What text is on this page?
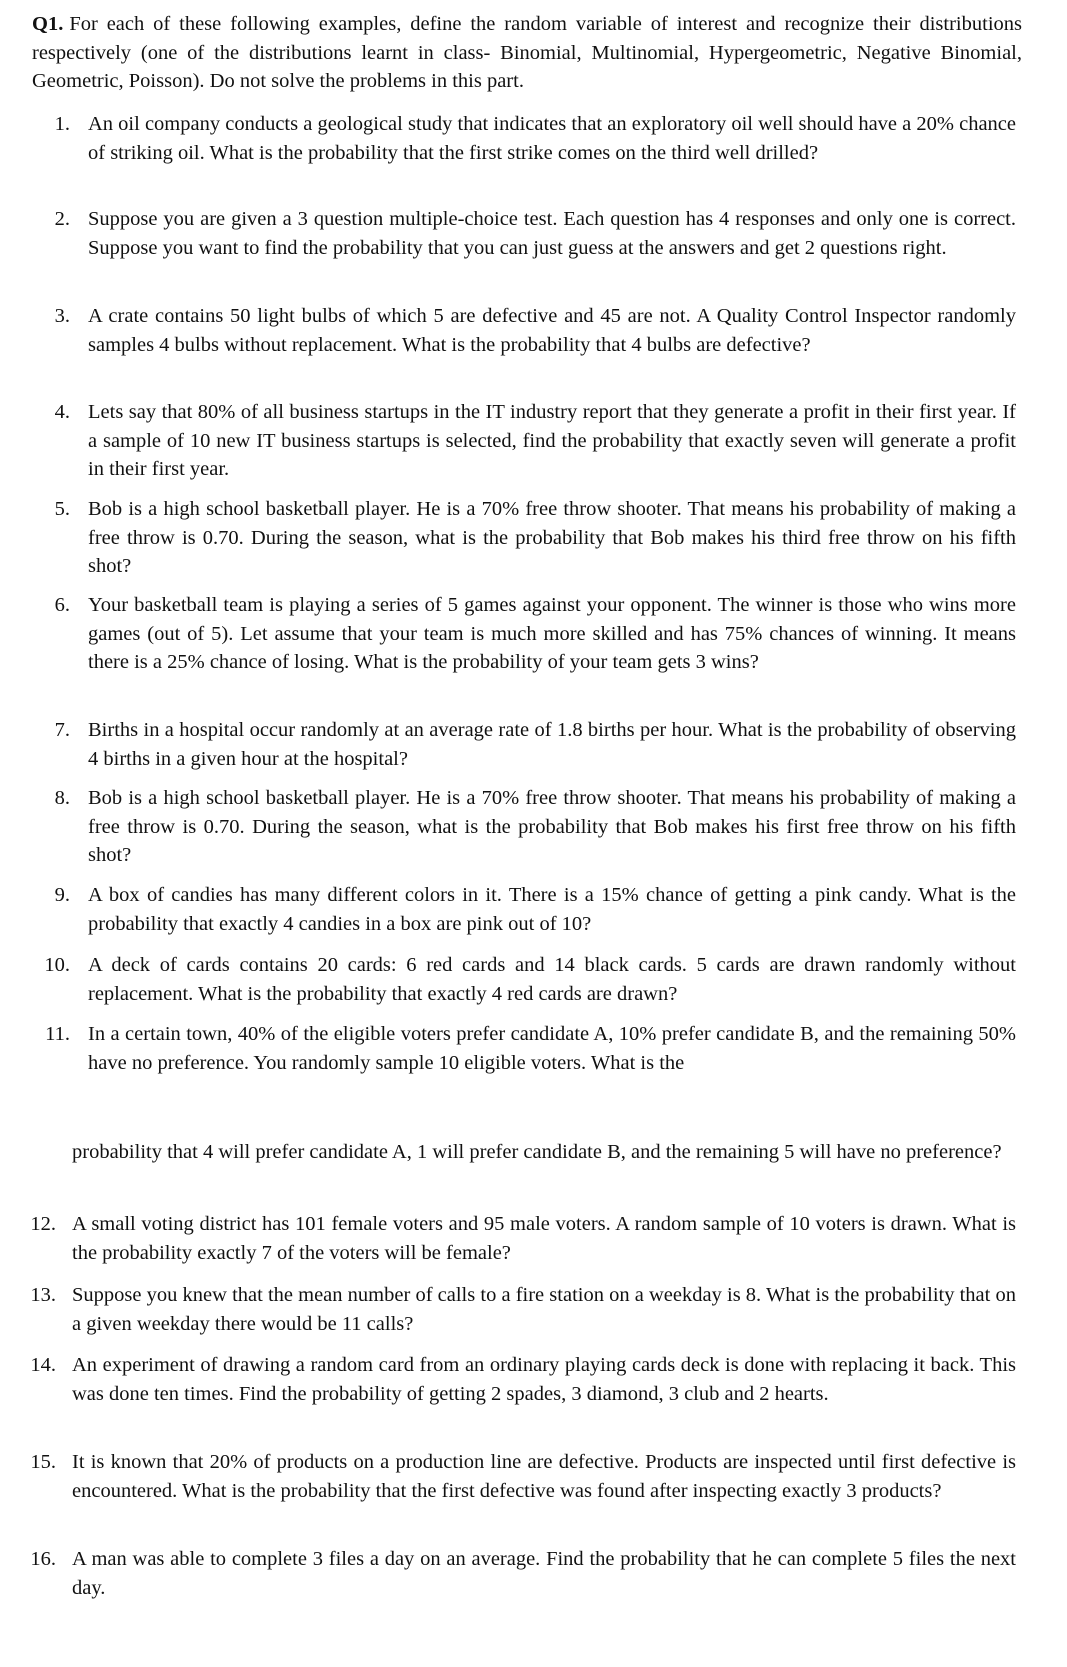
Q1. For each of these following examples, define the random variable of interest and recognize their distributions respectively (one of the distributions learnt in class- Binomial, Multinomial, Hypergeometric, Negative Binomial, Geometric, Poisson). Do not solve the problems in this part.
1. An oil company conducts a geological study that indicates that an exploratory oil well should have a 20% chance of striking oil. What is the probability that the first strike comes on the third well drilled?
2. Suppose you are given a 3 question multiple-choice test. Each question has 4 responses and only one is correct. Suppose you want to find the probability that you can just guess at the answers and get 2 questions right.
3. A crate contains 50 light bulbs of which 5 are defective and 45 are not. A Quality Control Inspector randomly samples 4 bulbs without replacement. What is the probability that 4 bulbs are defective?
4. Lets say that 80% of all business startups in the IT industry report that they generate a profit in their first year. If a sample of 10 new IT business startups is selected, find the probability that exactly seven will generate a profit in their first year.
5. Bob is a high school basketball player. He is a 70% free throw shooter. That means his probability of making a free throw is 0.70. During the season, what is the probability that Bob makes his third free throw on his fifth shot?
6. Your basketball team is playing a series of 5 games against your opponent. The winner is those who wins more games (out of 5). Let assume that your team is much more skilled and has 75% chances of winning. It means there is a 25% chance of losing. What is the probability of your team gets 3 wins?
7. Births in a hospital occur randomly at an average rate of 1.8 births per hour. What is the probability of observing 4 births in a given hour at the hospital?
8. Bob is a high school basketball player. He is a 70% free throw shooter. That means his probability of making a free throw is 0.70. During the season, what is the probability that Bob makes his first free throw on his fifth shot?
9. A box of candies has many different colors in it. There is a 15% chance of getting a pink candy. What is the probability that exactly 4 candies in a box are pink out of 10?
10. A deck of cards contains 20 cards: 6 red cards and 14 black cards. 5 cards are drawn randomly without replacement. What is the probability that exactly 4 red cards are drawn?
11. In a certain town, 40% of the eligible voters prefer candidate A, 10% prefer candidate B, and the remaining 50% have no preference. You randomly sample 10 eligible voters. What is the
probability that 4 will prefer candidate A, 1 will prefer candidate B, and the remaining 5 will have no preference?
12. A small voting district has 101 female voters and 95 male voters. A random sample of 10 voters is drawn. What is the probability exactly 7 of the voters will be female?
13. Suppose you knew that the mean number of calls to a fire station on a weekday is 8. What is the probability that on a given weekday there would be 11 calls?
14. An experiment of drawing a random card from an ordinary playing cards deck is done with replacing it back. This was done ten times. Find the probability of getting 2 spades, 3 diamond, 3 club and 2 hearts.
15. It is known that 20% of products on a production line are defective. Products are inspected until first defective is encountered. What is the probability that the first defective was found after inspecting exactly 3 products?
16. A man was able to complete 3 files a day on an average. Find the probability that he can complete 5 files the next day.
